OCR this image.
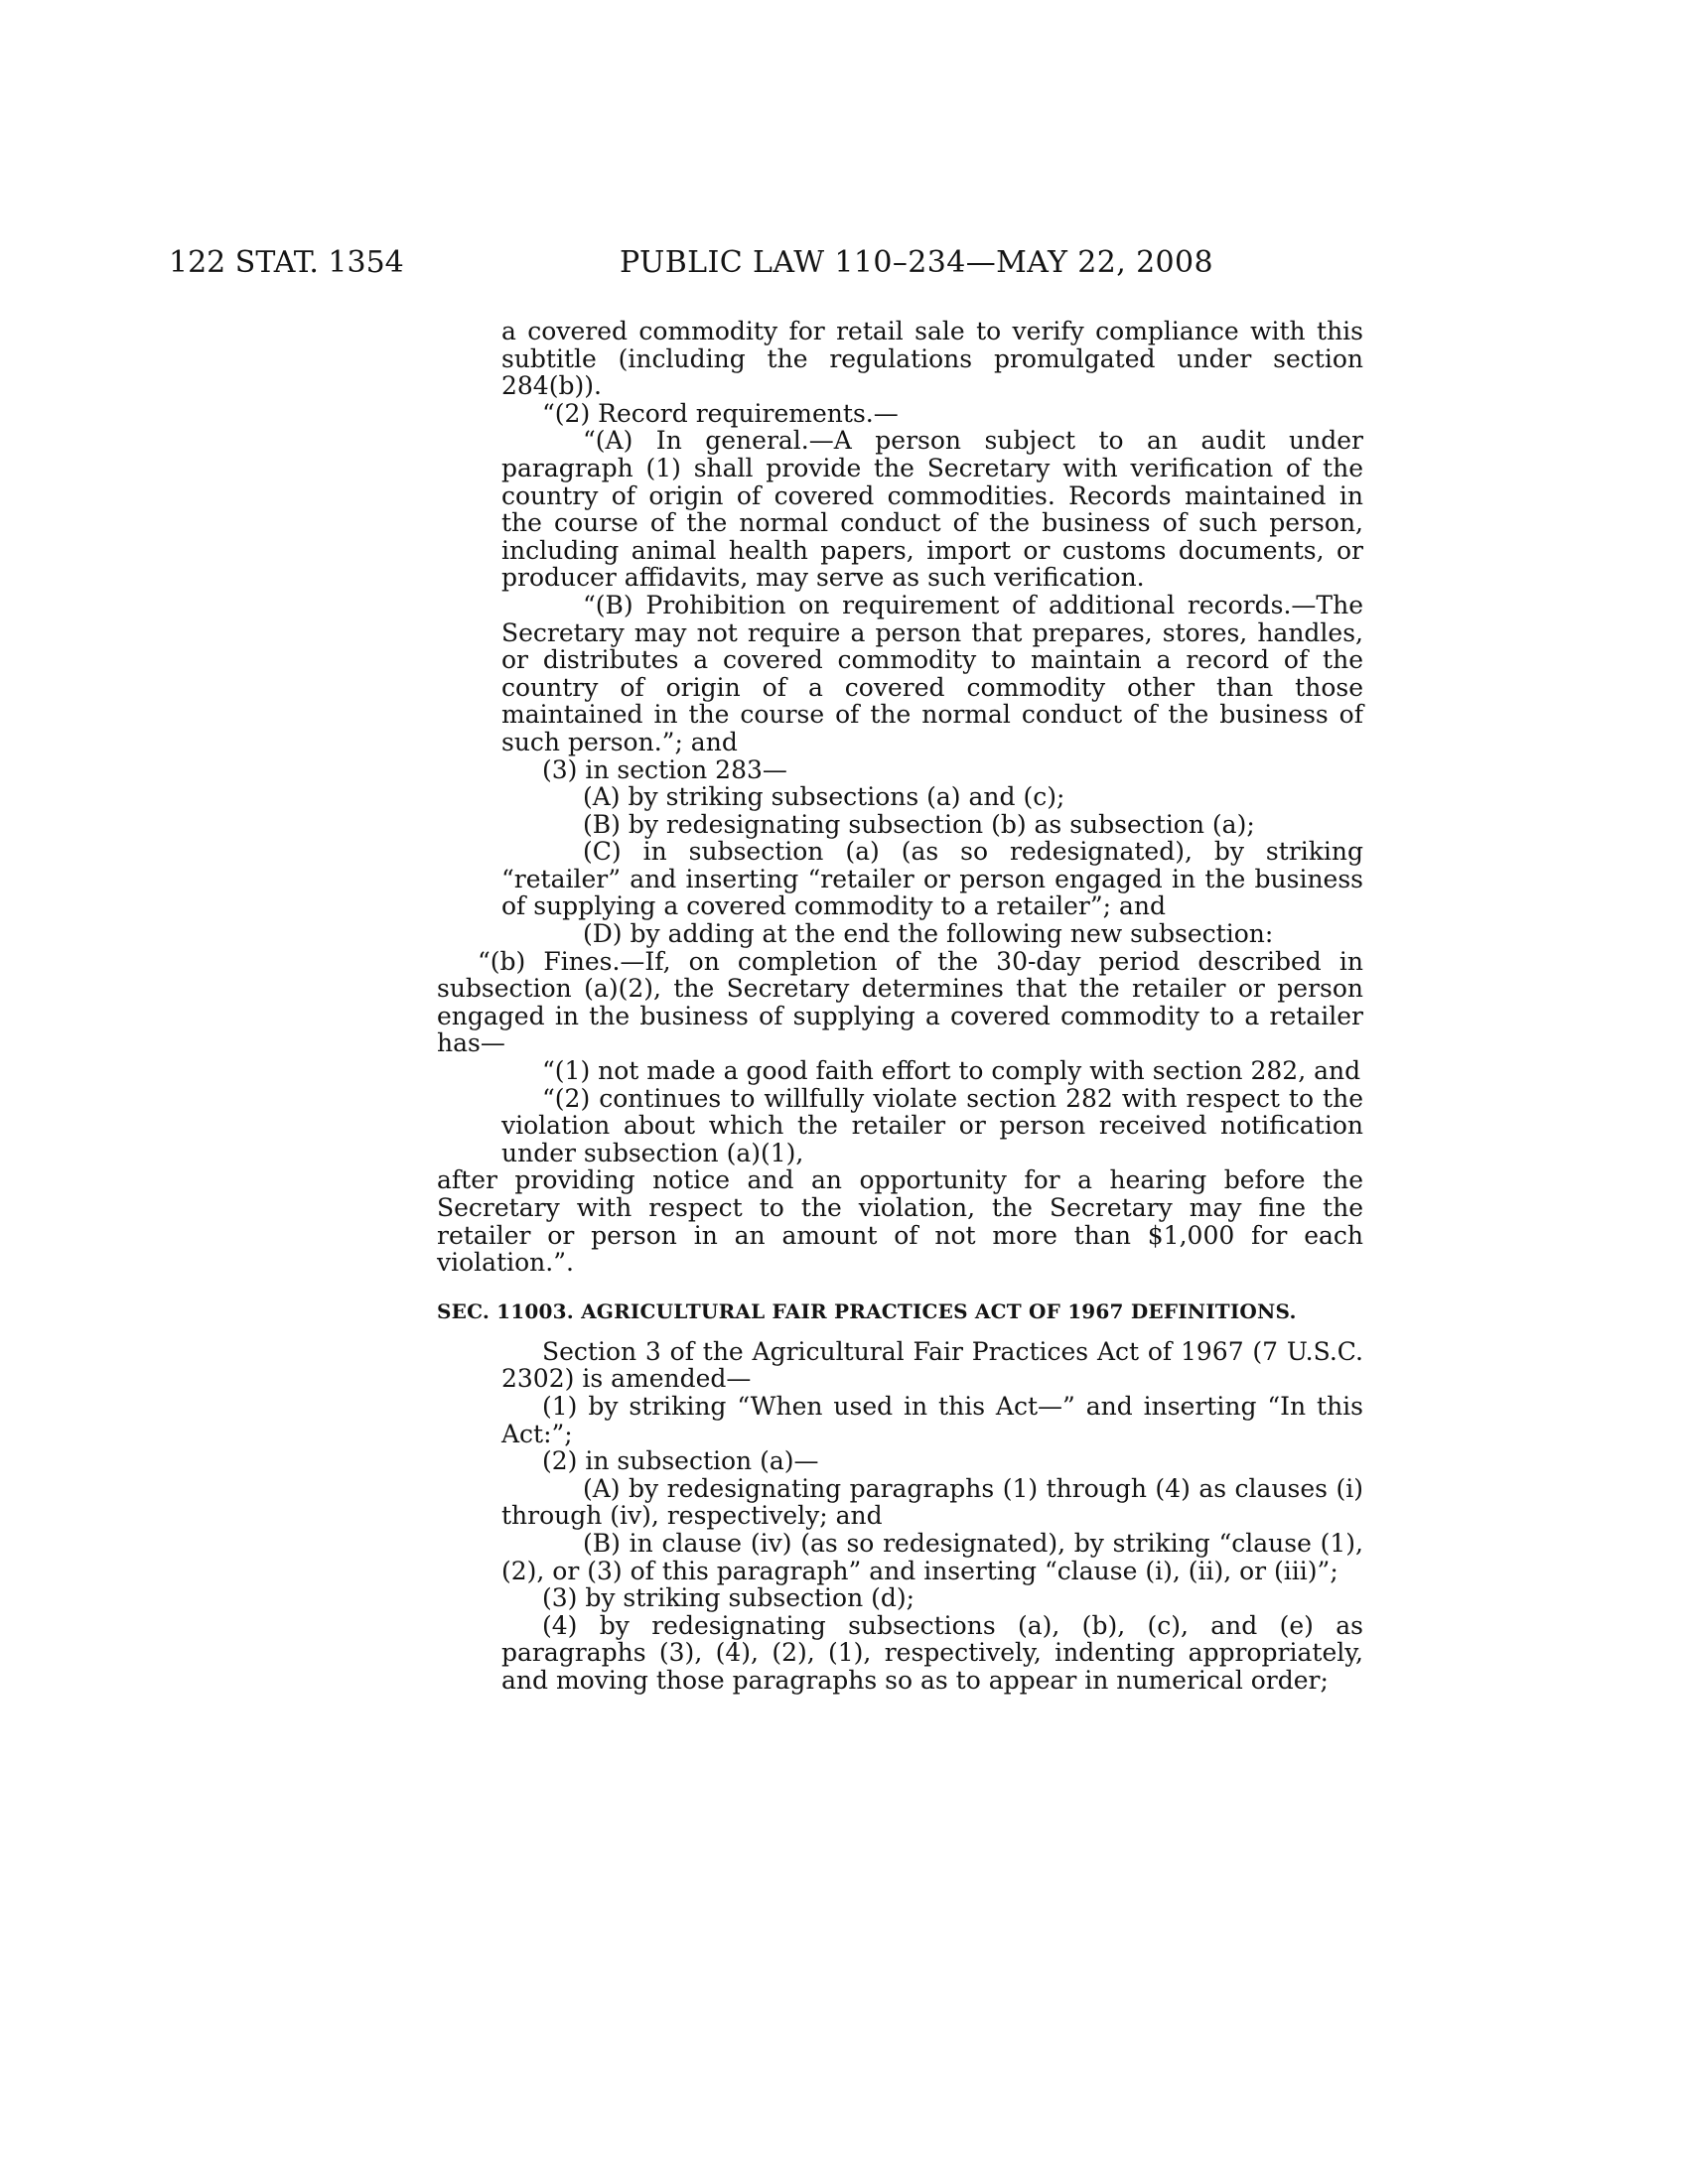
122 STAT. 1354	PUBLIC LAW 110–234—MAY 22, 2008

a covered commodity for retail sale to verify compliance with this subtitle (including the regulations promulgated under section 284(b)).

“(2) Record requirements.—

“(A) In general.—A person subject to an audit under paragraph (1) shall provide the Secretary with verification of the country of origin of covered commodities. Records maintained in the course of the normal conduct of the business of such person, including animal health papers, import or customs documents, or producer affidavits, may serve as such verification.

“(B) Prohibition on requirement of additional records.—The Secretary may not require a person that prepares, stores, handles, or distributes a covered commodity to maintain a record of the country of origin of a covered commodity other than those maintained in the course of the normal conduct of the business of such person.”; and

(3) in section 283—

(A) by striking subsections (a) and (c);

(B) by redesignating subsection (b) as subsection (a);

(C) in subsection (a) (as so redesignated), by striking “retailer” and inserting “retailer or person engaged in the business of supplying a covered commodity to a retailer”; and

(D) by adding at the end the following new subsection:

“(b) Fines.—If, on completion of the 30-day period described in subsection (a)(2), the Secretary determines that the retailer or person engaged in the business of supplying a covered commodity to a retailer has—

“(1) not made a good faith effort to comply with section 282, and

“(2) continues to willfully violate section 282 with respect to the violation about which the retailer or person received notification under subsection (a)(1),

after providing notice and an opportunity for a hearing before the Secretary with respect to the violation, the Secretary may fine the retailer or person in an amount of not more than $1,000 for each violation.”.

SEC. 11003. AGRICULTURAL FAIR PRACTICES ACT OF 1967 DEFINITIONS.

Section 3 of the Agricultural Fair Practices Act of 1967 (7 U.S.C. 2302) is amended—

(1) by striking “When used in this Act—” and inserting “In this Act:”;

(2) in subsection (a)—

(A) by redesignating paragraphs (1) through (4) as clauses (i) through (iv), respectively; and

(B) in clause (iv) (as so redesignated), by striking “clause (1), (2), or (3) of this paragraph” and inserting “clause (i), (ii), or (iii)”;

(3) by striking subsection (d);

(4) by redesignating subsections (a), (b), (c), and (e) as paragraphs (3), (4), (2), (1), respectively, indenting appropriately, and moving those paragraphs so as to appear in numerical order;
